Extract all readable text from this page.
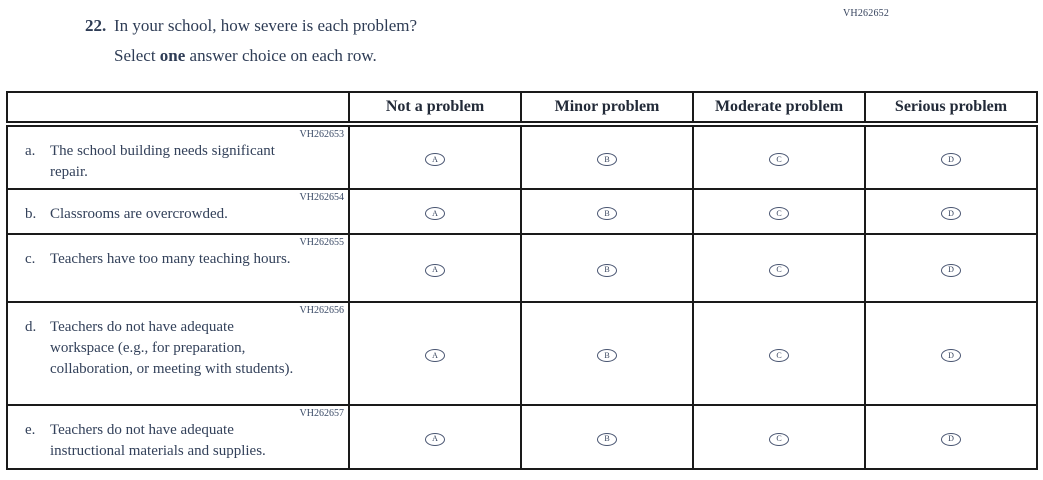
VH262652
22. In your school, how severe is each problem?
Select one answer choice on each row.
	Not a problem	Minor problem	Moderate problem	Serious problem

VH262653
a. The school building needs significant repair.	A	B	C	D

VH262654
b. Classrooms are overcrowded.	A	B	C	D

VH262655
c. Teachers have too many teaching hours.	A	B	C	D

VH262656
d. Teachers do not have adequate workspace (e.g., for preparation, collaboration, or meeting with students).	A	B	C	D

VH262657
e. Teachers do not have adequate instructional materials and supplies.	A	B	C	D
